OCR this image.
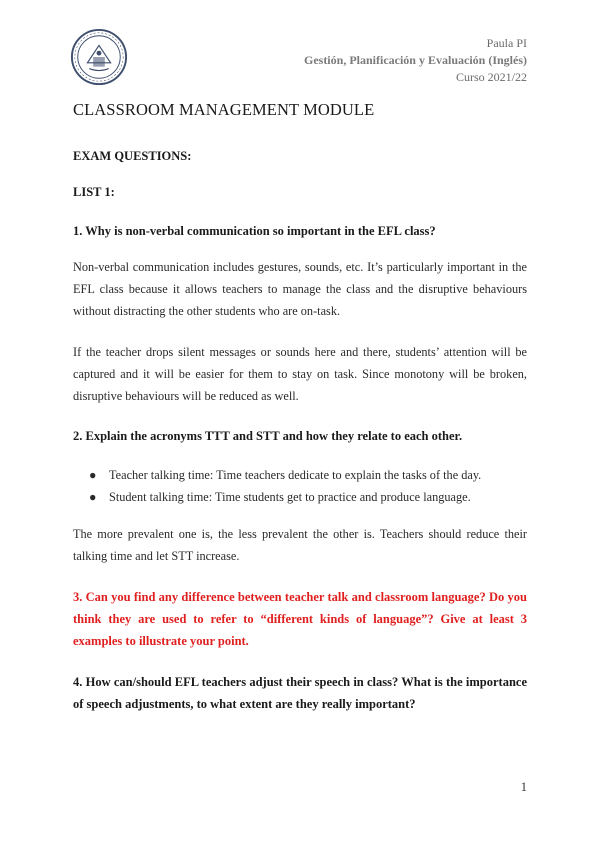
Paula PI
Gestión, Planificación y Evaluación (Inglés)
Curso 2021/22
CLASSROOM MANAGEMENT MODULE

EXAM QUESTIONS:

LIST 1:

1. Why is non-verbal communication so important in the EFL class?

Non-verbal communication includes gestures, sounds, etc. It’s particularly important in the EFL class because it allows teachers to manage the class and the disruptive behaviours without distracting the other students who are on-task.

If the teacher drops silent messages or sounds here and there, students’ attention will be captured and it will be easier for them to stay on task. Since monotony will be broken, disruptive behaviours will be reduced as well.

2. Explain the acronyms TTT and STT and how they relate to each other.

● Teacher talking time: Time teachers dedicate to explain the tasks of the day.
● Student talking time: Time students get to practice and produce language.

The more prevalent one is, the less prevalent the other is. Teachers should reduce their talking time and let STT increase.

3. Can you find any difference between teacher talk and classroom language? Do you think they are used to refer to “different kinds of language”? Give at least 3 examples to illustrate your point.

4. How can/should EFL teachers adjust their speech in class? What is the importance of speech adjustments, to what extent are they really important?

1
